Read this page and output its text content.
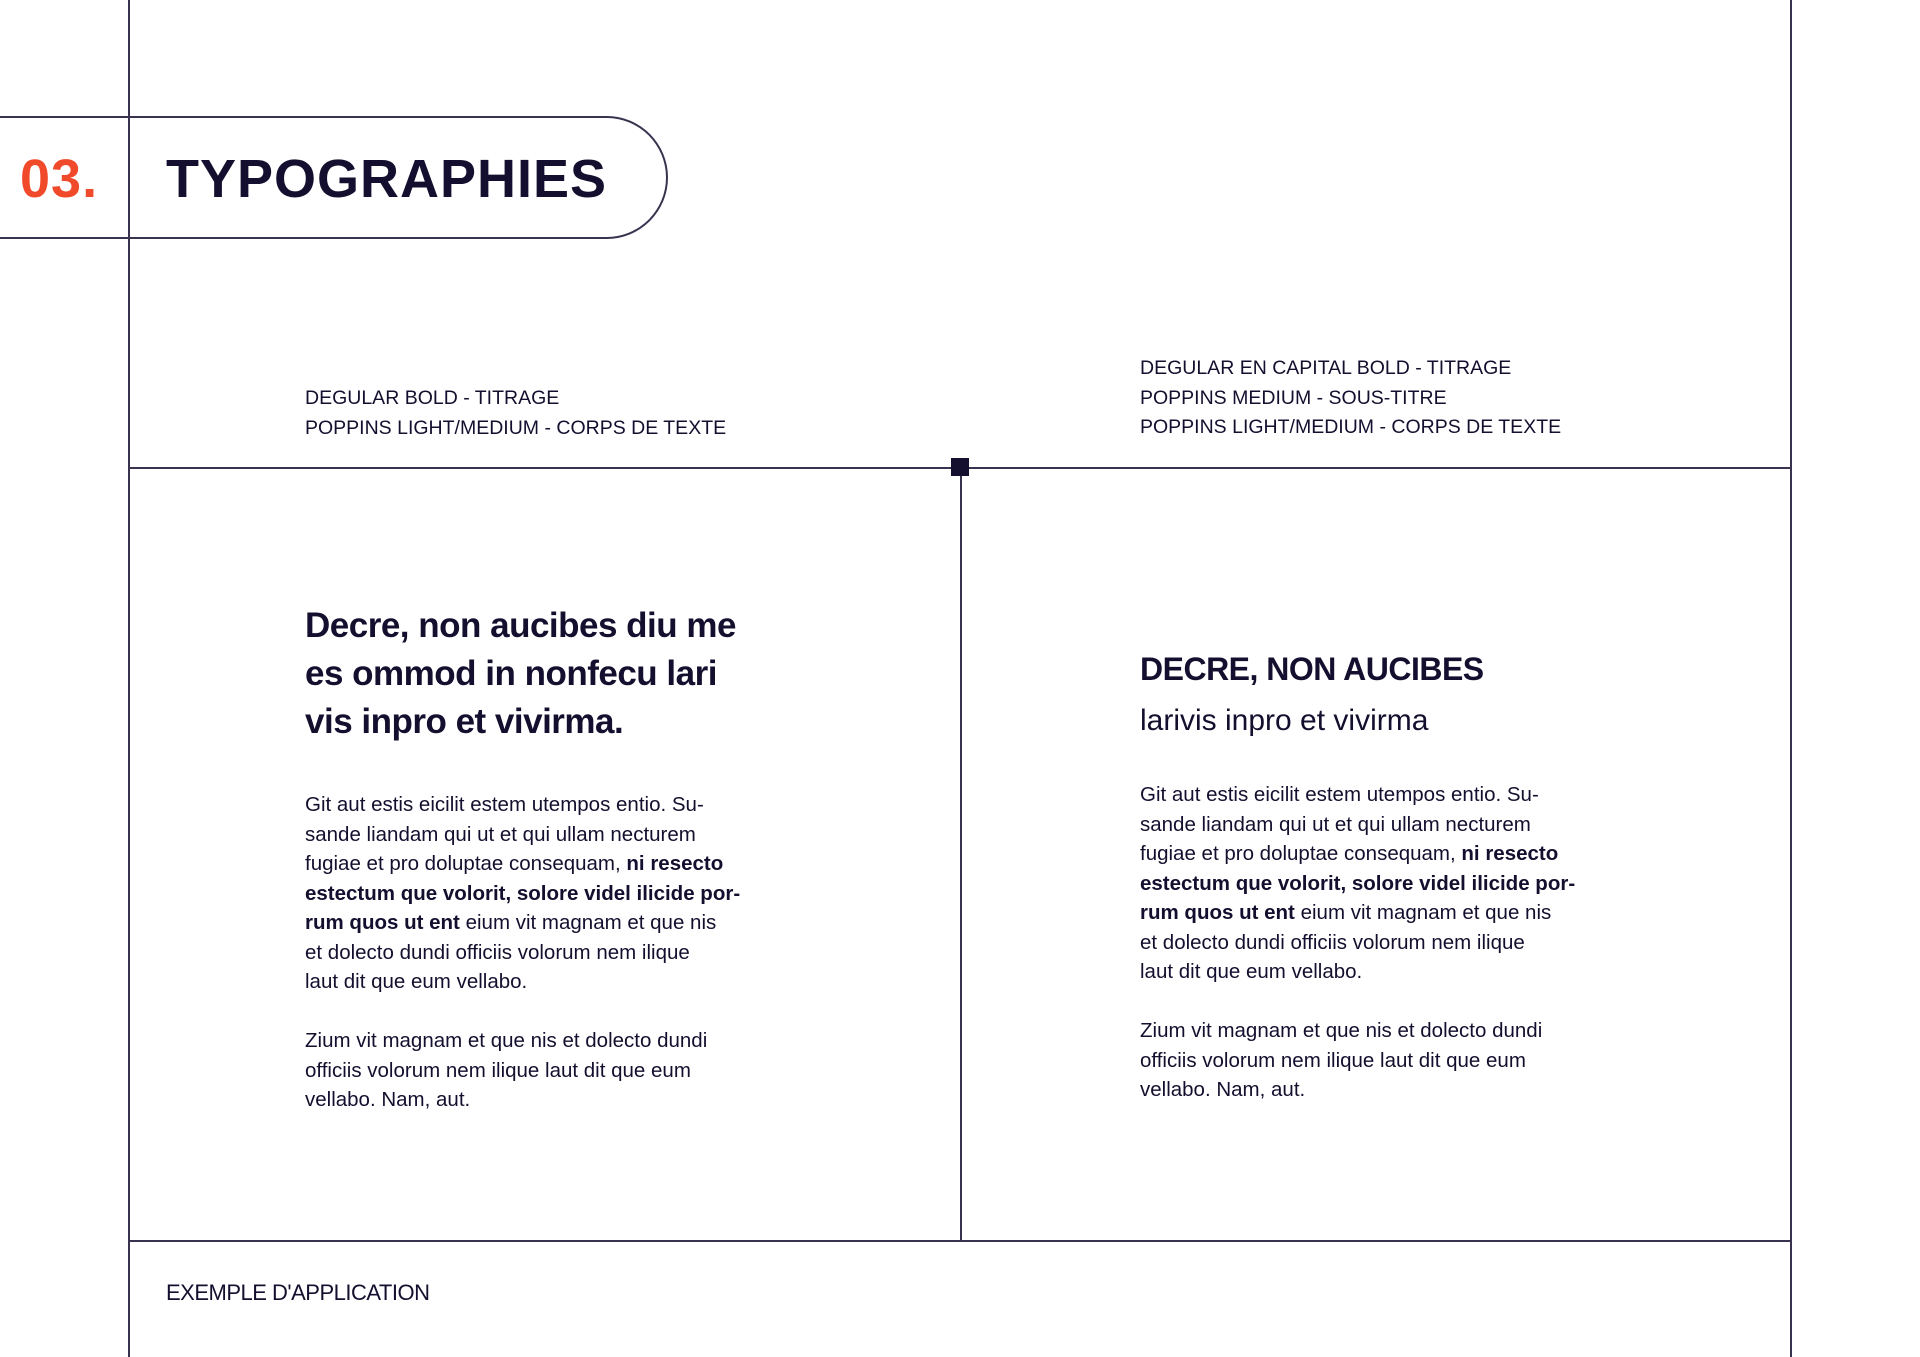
03. TYPOGRAPHIES
DEGULAR BOLD - TITRAGE
POPPINS LIGHT/MEDIUM - CORPS DE TEXTE
DEGULAR EN CAPITAL BOLD - TITRAGE
POPPINS MEDIUM - SOUS-TITRE
POPPINS LIGHT/MEDIUM - CORPS DE TEXTE
Decre, non aucibes diu me
es ommod in nonfecu lari
vis inpro et vivirma.
Git aut estis eicilit estem utempos entio. Su-
sande liandam qui ut et qui ullam necturem
fugiae et pro doluptae consequam, ni resecto
estectum que volorit, solore videl ilicide por-
rum quos ut ent eium vit magnam et que nis
et dolecto dundi officiis volorum nem ilique
laut dit que eum vellabo.
Zium vit magnam et que nis et dolecto dundi
officiis volorum nem ilique laut dit que eum
vellabo. Nam, aut.
DECRE, NON AUCIBES
larivis inpro et vivirma
Git aut estis eicilit estem utempos entio. Su-
sande liandam qui ut et qui ullam necturem
fugiae et pro doluptae consequam, ni resecto
estectum que volorit, solore videl ilicide por-
rum quos ut ent eium vit magnam et que nis
et dolecto dundi officiis volorum nem ilique
laut dit que eum vellabo.
Zium vit magnam et que nis et dolecto dundi
officiis volorum nem ilique laut dit que eum
vellabo. Nam, aut.
EXEMPLE D'APPLICATION
